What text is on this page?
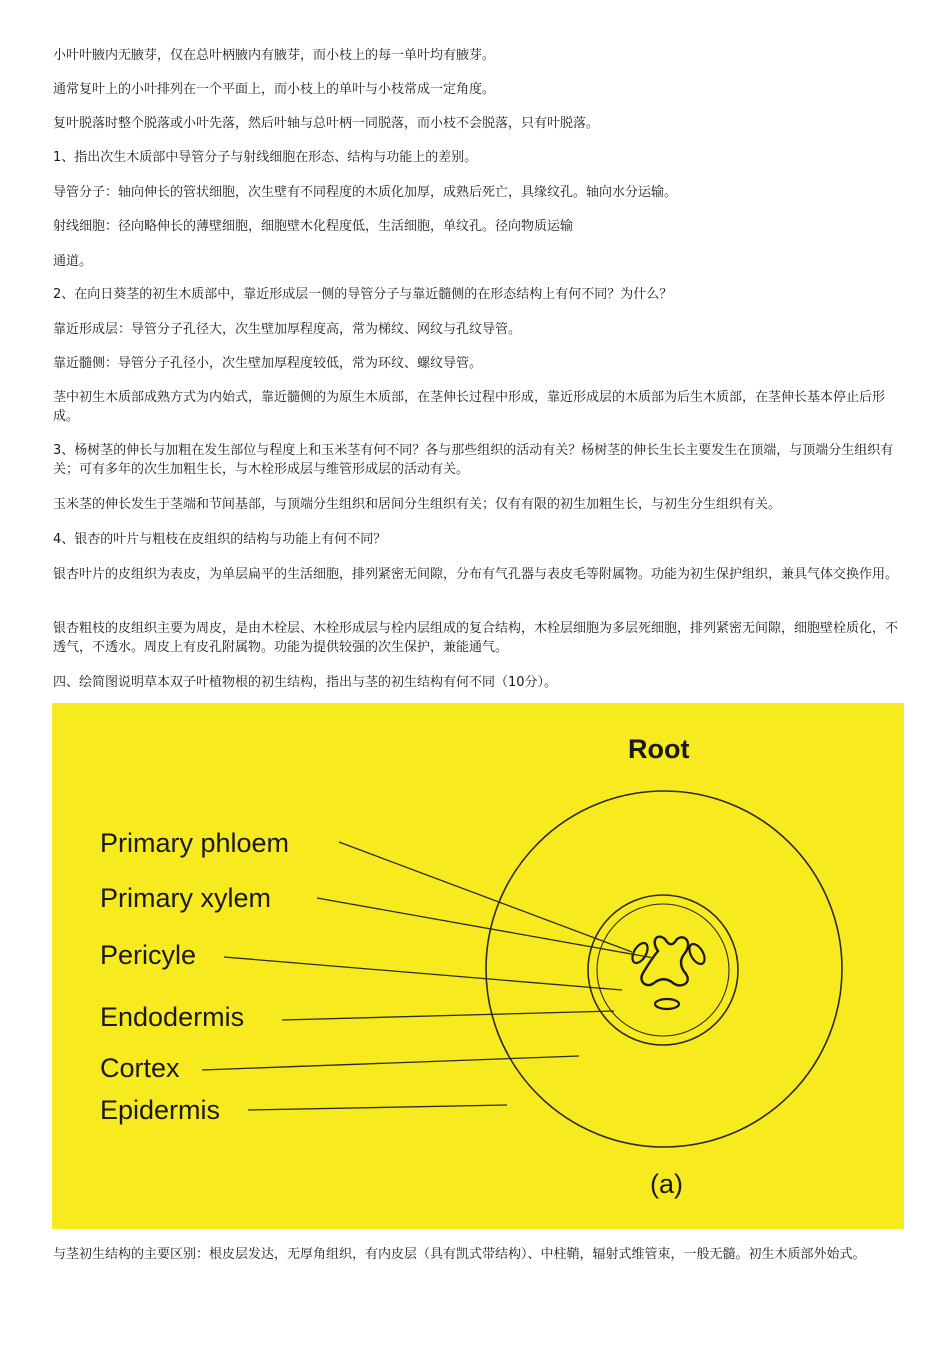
小叶叶腋内无腋芽，仅在总叶柄腋内有腋芽，而小枝上的每一单叶均有腋芽。

通常复叶上的小叶排列在一个平面上，而小枝上的单叶与小枝常成一定角度。

复叶脱落时整个脱落或小叶先落，然后叶轴与总叶柄一同脱落，而小枝不会脱落，只有叶脱落。

1、指出次生木质部中导管分子与射线细胞在形态、结构与功能上的差别。

导管分子：轴向伸长的管状细胞，次生壁有不同程度的木质化加厚，成熟后死亡，具缘纹孔。轴向水分运输。

射线细胞：径向略伸长的薄壁细胞，细胞壁木化程度低，生活细胞，单纹孔。径向物质运输

通道。

2、在向日葵茎的初生木质部中，靠近形成层一侧的导管分子与靠近髓侧的在形态结构上有何不同？为什么？

靠近形成层：导管分子孔径大，次生壁加厚程度高，常为梯纹、网纹与孔纹导管。

靠近髓侧：导管分子孔径小，次生壁加厚程度较低，常为环纹、螺纹导管。

茎中初生木质部成熟方式为内始式，靠近髓侧的为原生木质部，在茎伸长过程中形成，靠近形成层的木质部为后生木质部，在茎伸长基本停止后形成。

3、杨树茎的伸长与加粗在发生部位与程度上和玉米茎有何不同？各与那些组织的活动有关？杨树茎的伸长生长主要发生在顶端，与顶端分生组织有关；可有多年的次生加粗生长，与木栓形成层与维管形成层的活动有关。

玉米茎的伸长发生于茎端和节间基部，与顶端分生组织和居间分生组织有关；仅有有限的初生加粗生长，与初生分生组织有关。

4、银杏的叶片与粗枝在皮组织的结构与功能上有何不同？

银杏叶片的皮组织为表皮，为单层扁平的生活细胞，排列紧密无间隙，分布有气孔器与表皮毛等附属物。功能为初生保护组织，兼具气体交换作用。

银杏粗枝的皮组织主要为周皮，是由木栓层、木栓形成层与栓内层组成的复合结构，木栓层细胞为多层死细胞，排列紧密无间隙，细胞壁栓质化，不透气，不透水。周皮上有皮孔附属物。功能为提供较强的次生保护，兼能通气。

四、绘简图说明草本双子叶植物根的初生结构，指出与茎的初生结构有何不同（10分）。

Root
Primary phloem
Primary xylem
Pericyle
Endodermis
Cortex
Epidermis
(a)

与茎初生结构的主要区别：根皮层发达，无厚角组织，有内皮层（具有凯式带结构）、中柱鞘，辐射式维管束，一般无髓。初生木质部外始式。
